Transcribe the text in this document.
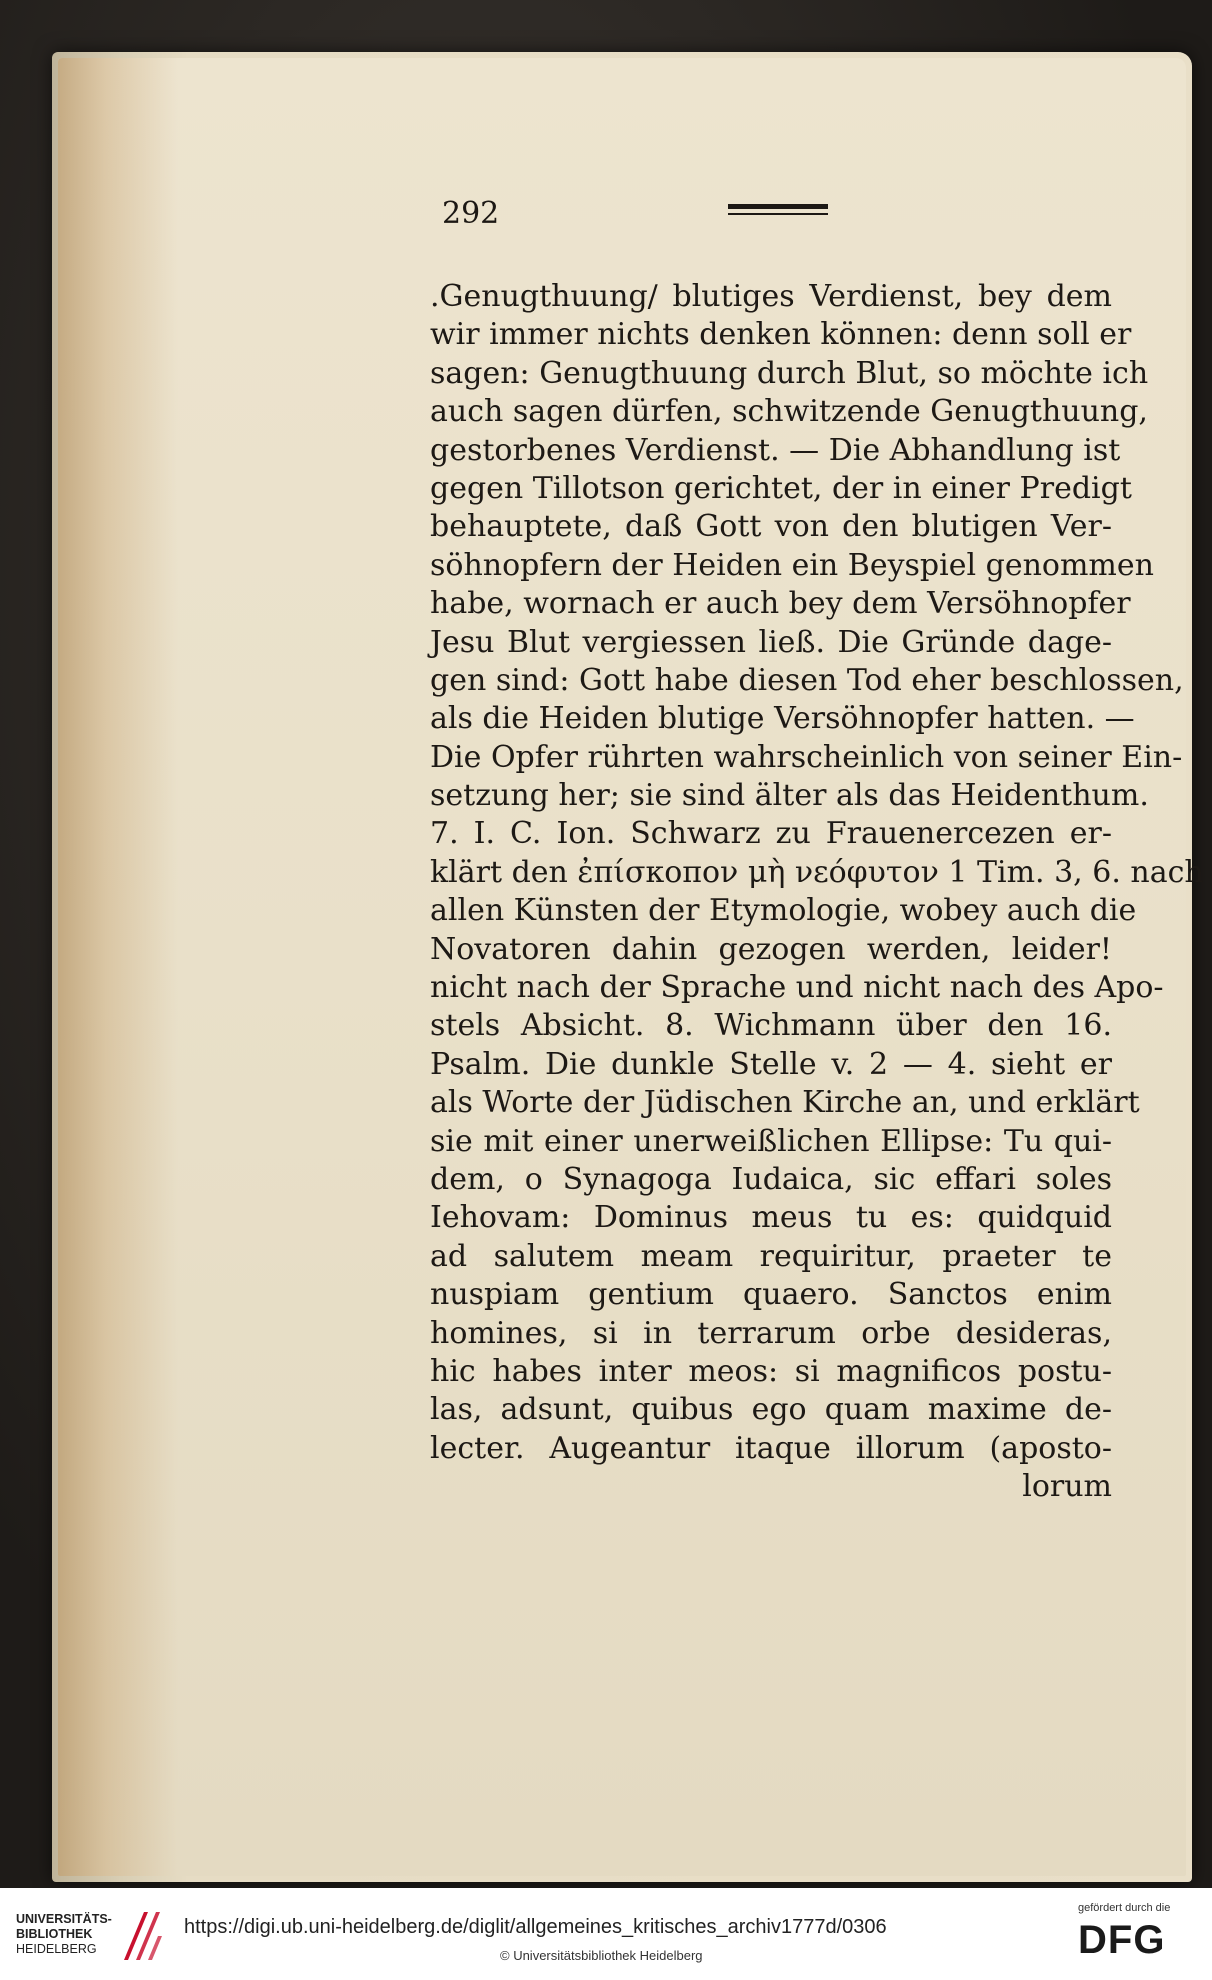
292
.Genugthuung/ blutiges Verdienst, bey dem
wir immer nichts denken können: denn soll er
sagen: Genugthuung durch Blut, so möchte ich
auch sagen dürfen, schwitzende Genugthuung,
gestorbenes Verdienst. — Die Abhandlung ist
gegen Tillotson gerichtet, der in einer Predigt
behauptete, daß Gott von den blutigen Ver-
söhnopfern der Heiden ein Beyspiel genommen
habe, wornach er auch bey dem Versöhnopfer
Jesu Blut vergiessen ließ. Die Gründe dage-
gen sind: Gott habe diesen Tod eher beschlossen,
als die Heiden blutige Versöhnopfer hatten. —
Die Opfer rührten wahrscheinlich von seiner Ein-
setzung her; sie sind älter als das Heidenthum.
7. I. C. Ion. Schwarz zu Frauenercezen er-
klärt den ἐπίσκοπον μὴ νεόφυτον 1 Tim. 3, 6. nach
allen Künsten der Etymologie, wobey auch die
Novatoren dahin gezogen werden, leider!
nicht nach der Sprache und nicht nach des Apo-
stels Absicht. 8. Wichmann über den 16.
Psalm. Die dunkle Stelle v. 2 — 4. sieht er
als Worte der Jüdischen Kirche an, und erklärt
sie mit einer unerweißlichen Ellipse: Tu qui-
dem, o Synagoga Iudaica, sic effari soles
Iehovam: Dominus meus tu es: quidquid
ad salutem meam requiritur, praeter te
nuspiam gentium quaero. Sanctos enim
homines, si in terrarum orbe desideras,
hic habes inter meos: si magnificos postu-
las, adsunt, quibus ego quam maxime de-
lecter. Augeantur itaque illorum (aposto-
lorum
UNIVERSITÄTS-
BIBLIOTHEK
HEIDELBERG
https://digi.ub.uni-heidelberg.de/diglit/allgemeines_kritisches_archiv1777d/0306
© Universitätsbibliothek Heidelberg
gefördert durch die
DFG
